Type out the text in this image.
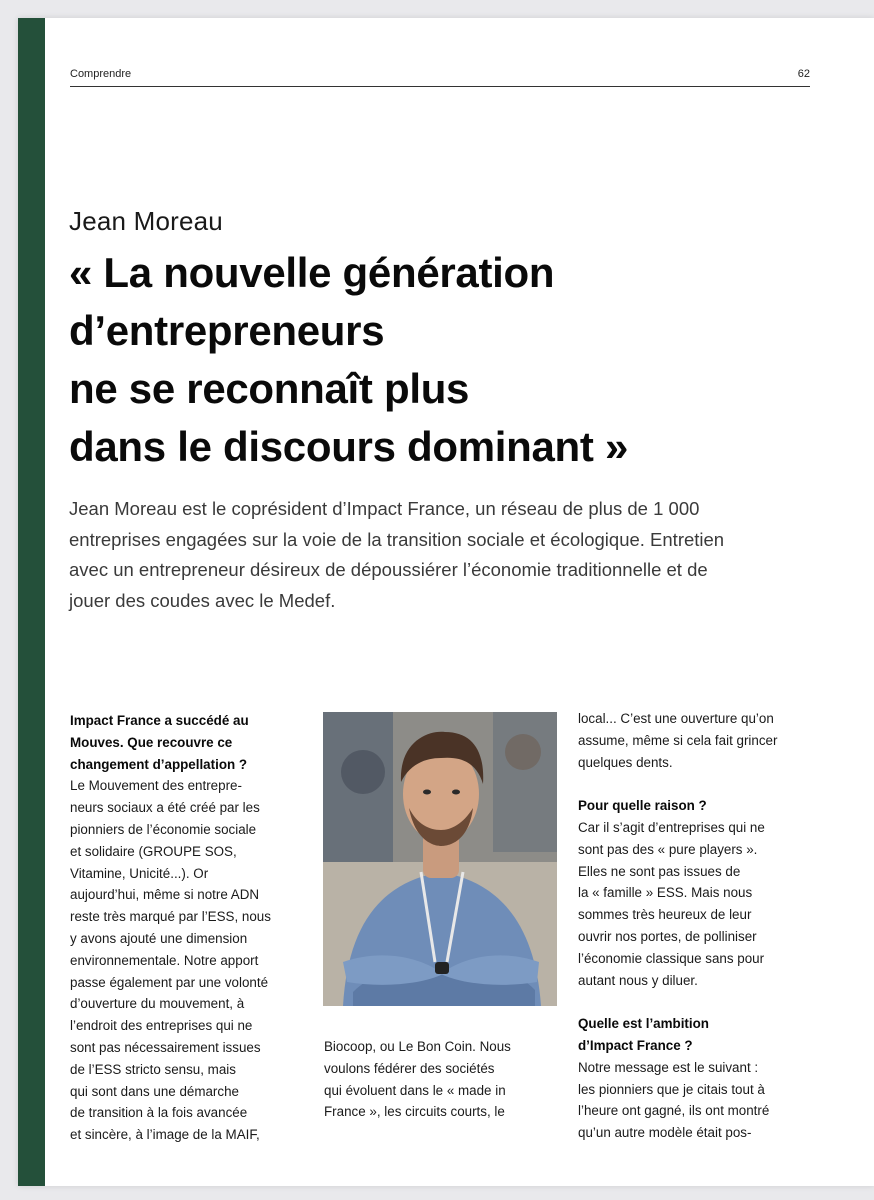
Comprendre	62
Jean Moreau
« La nouvelle génération
d’entrepreneurs
ne se reconnaît plus
dans le discours dominant »

Jean Moreau est le coprésident d’Impact France, un réseau de plus de 1 000
entreprises engagées sur la voie de la transition sociale et écologique. Entretien
avec un entrepreneur désireux de dépoussiérer l’économie traditionnelle et de
jouer des coudes avec le Medef.

Impact France a succédé au
Mouves. Que recouvre ce
changement d’appellation ?
Le Mouvement des entrepre-
neurs sociaux a été créé par les
pionniers de l’économie sociale
et solidaire (GROUPE SOS,
Vitamine, Unicité...). Or
aujourd’hui, même si notre ADN
reste très marqué par l’ESS, nous
y avons ajouté une dimension
environnementale. Notre apport
passe également par une volonté
d’ouverture du mouvement, à
l’endroit des entreprises qui ne
sont pas nécessairement issues
de l’ESS stricto sensu, mais
qui sont dans une démarche
de transition à la fois avancée
et sincère, à l’image de la MAIF,
Biocoop, ou Le Bon Coin. Nous
voulons fédérer des sociétés
qui évoluent dans le « made in
France », les circuits courts, le
local... C’est une ouverture qu’on
assume, même si cela fait grincer
quelques dents.
Pour quelle raison ?
Car il s’agit d’entreprises qui ne
sont pas des « pure players ».
Elles ne sont pas issues de
la « famille » ESS. Mais nous
sommes très heureux de leur
ouvrir nos portes, de polliniser
l’économie classique sans pour
autant nous y diluer.
Quelle est l’ambition
d’Impact France ?
Notre message est le suivant :
les pionniers que je citais tout à
l’heure ont gagné, ils ont montré
qu’un autre modèle était pos-
